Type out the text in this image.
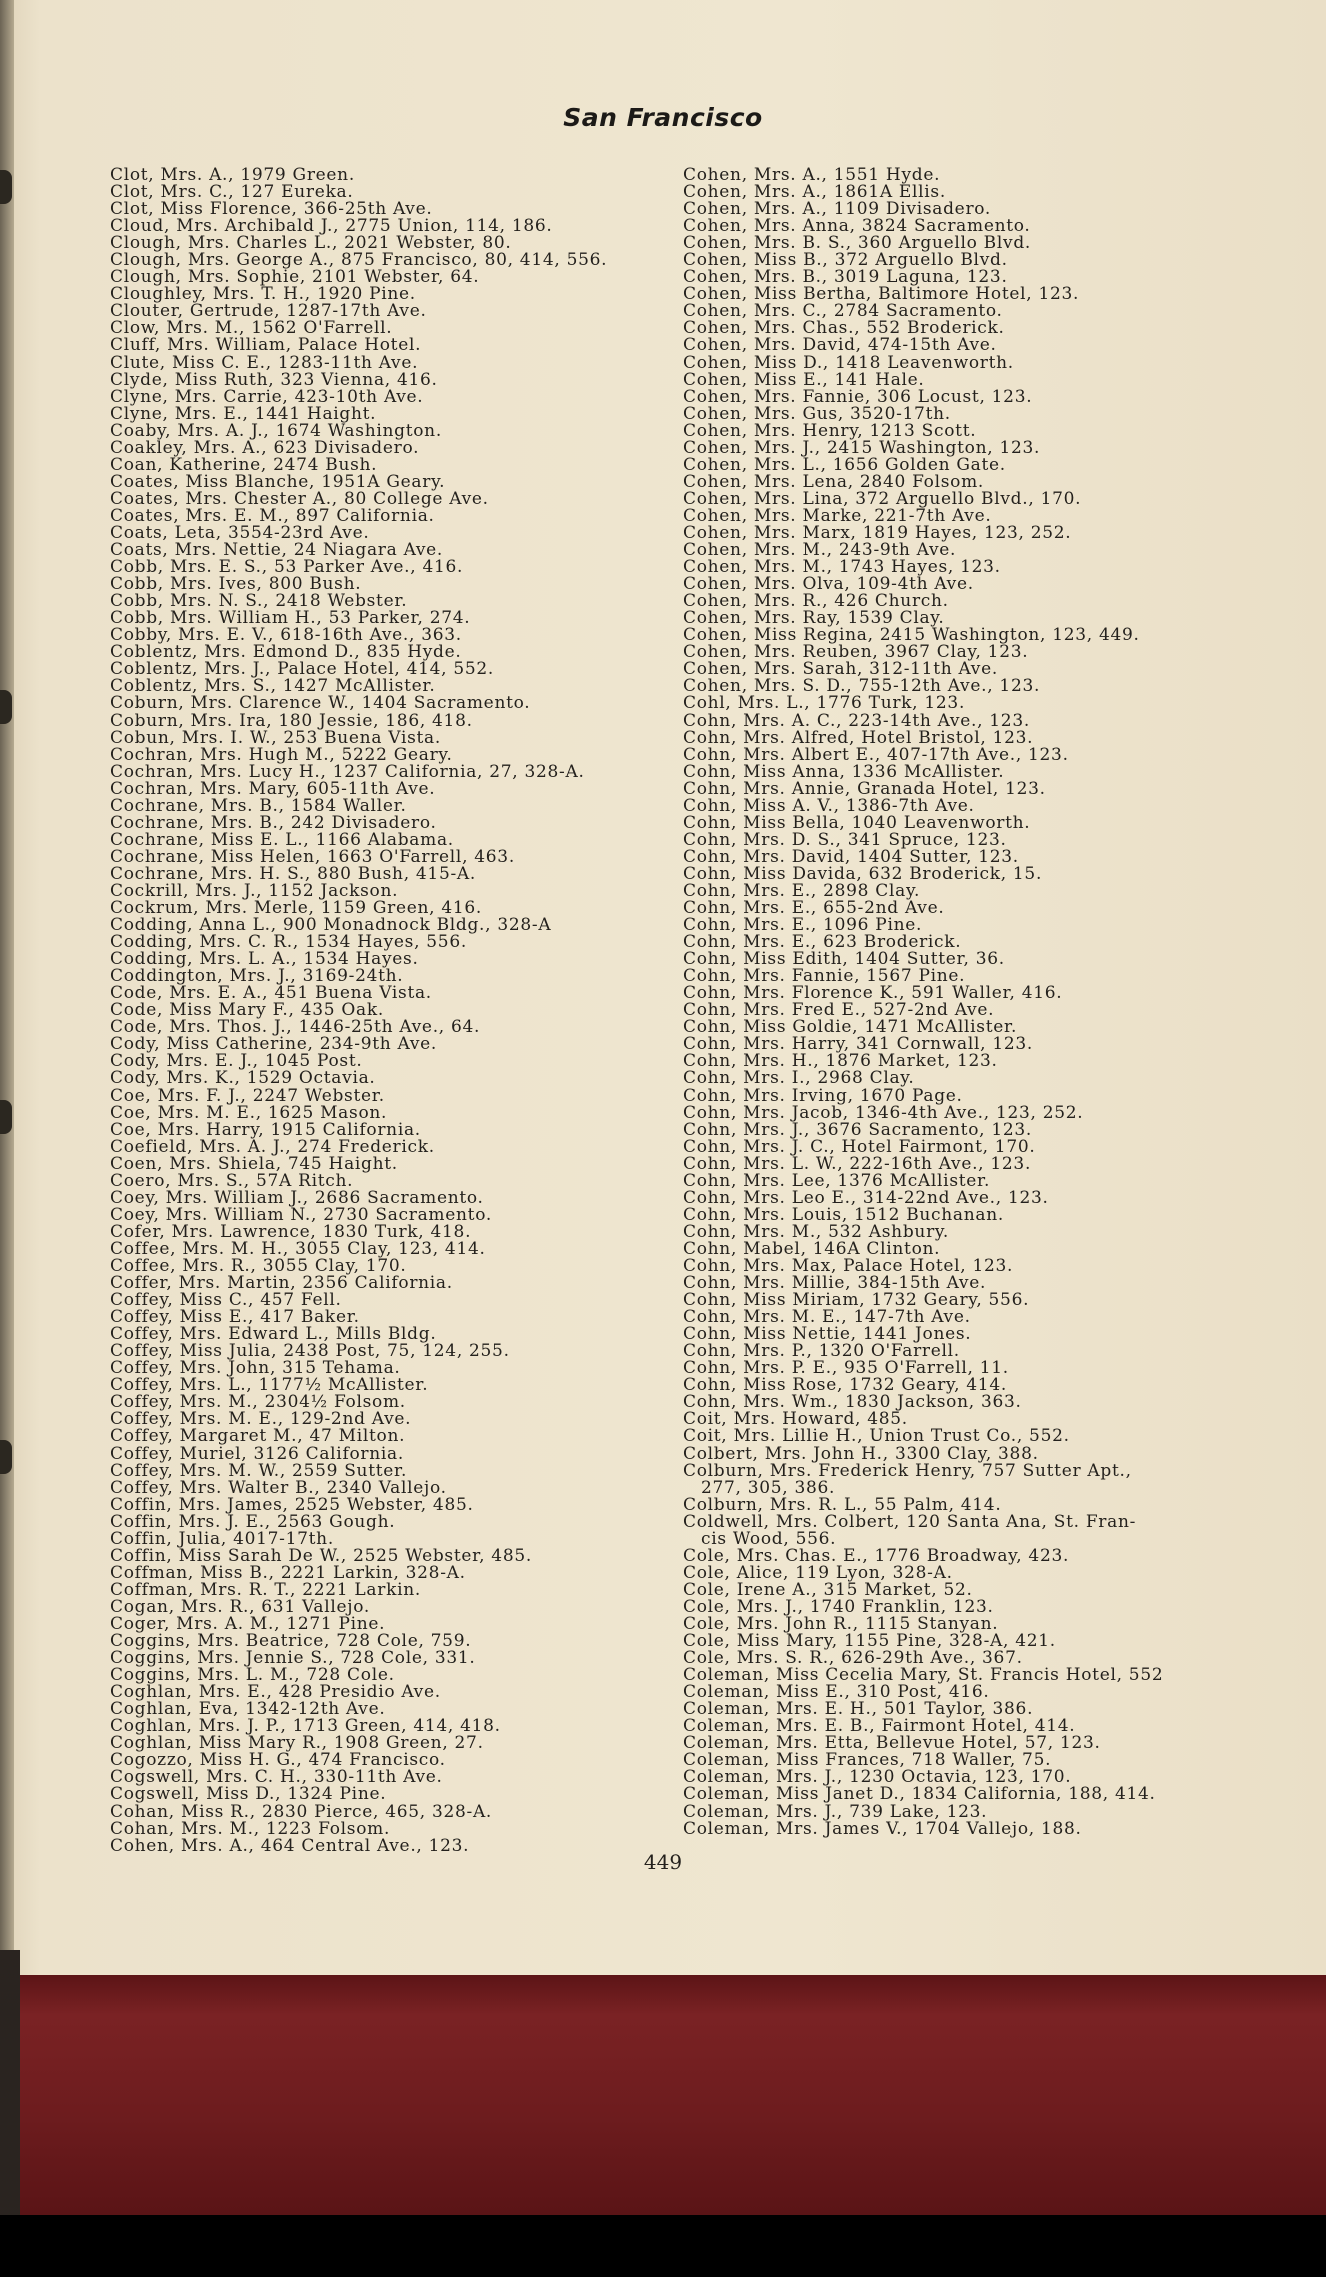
San Francisco
Clot, Mrs. A., 1979 Green.
Clot, Mrs. C., 127 Eureka.
Clot, Miss Florence, 366-25th Ave.
Cloud, Mrs. Archibald J., 2775 Union, 114, 186.
Clough, Mrs. Charles L., 2021 Webster, 80.
Clough, Mrs. George A., 875 Francisco, 80, 414, 556.
Clough, Mrs. Sophie, 2101 Webster, 64.
Cloughley, Mrs. T. H., 1920 Pine.
Clouter, Gertrude, 1287-17th Ave.
Clow, Mrs. M., 1562 O'Farrell.
Cluff, Mrs. William, Palace Hotel.
Clute, Miss C. E., 1283-11th Ave.
Clyde, Miss Ruth, 323 Vienna, 416.
Clyne, Mrs. Carrie, 423-10th Ave.
Clyne, Mrs. E., 1441 Haight.
Coaby, Mrs. A. J., 1674 Washington.
Coakley, Mrs. A., 623 Divisadero.
Coan, Katherine, 2474 Bush.
Coates, Miss Blanche, 1951A Geary.
Coates, Mrs. Chester A., 80 College Ave.
Coates, Mrs. E. M., 897 California.
Coats, Leta, 3554-23rd Ave.
Coats, Mrs. Nettie, 24 Niagara Ave.
Cobb, Mrs. E. S., 53 Parker Ave., 416.
Cobb, Mrs. Ives, 800 Bush.
Cobb, Mrs. N. S., 2418 Webster.
Cobb, Mrs. William H., 53 Parker, 274.
Cobby, Mrs. E. V., 618-16th Ave., 363.
Coblentz, Mrs. Edmond D., 835 Hyde.
Coblentz, Mrs. J., Palace Hotel, 414, 552.
Coblentz, Mrs. S., 1427 McAllister.
Coburn, Mrs. Clarence W., 1404 Sacramento.
Coburn, Mrs. Ira, 180 Jessie, 186, 418.
Cobun, Mrs. I. W., 253 Buena Vista.
Cochran, Mrs. Hugh M., 5222 Geary.
Cochran, Mrs. Lucy H., 1237 California, 27, 328-A.
Cochran, Mrs. Mary, 605-11th Ave.
Cochrane, Mrs. B., 1584 Waller.
Cochrane, Mrs. B., 242 Divisadero.
Cochrane, Miss E. L., 1166 Alabama.
Cochrane, Miss Helen, 1663 O'Farrell, 463.
Cochrane, Mrs. H. S., 880 Bush, 415-A.
Cockrill, Mrs. J., 1152 Jackson.
Cockrum, Mrs. Merle, 1159 Green, 416.
Codding, Anna L., 900 Monadnock Bldg., 328-A
Codding, Mrs. C. R., 1534 Hayes, 556.
Codding, Mrs. L. A., 1534 Hayes.
Coddington, Mrs. J., 3169-24th.
Code, Mrs. E. A., 451 Buena Vista.
Code, Miss Mary F., 435 Oak.
Code, Mrs. Thos. J., 1446-25th Ave., 64.
Cody, Miss Catherine, 234-9th Ave.
Cody, Mrs. E. J., 1045 Post.
Cody, Mrs. K., 1529 Octavia.
Coe, Mrs. F. J., 2247 Webster.
Coe, Mrs. M. E., 1625 Mason.
Coe, Mrs. Harry, 1915 California.
Coefield, Mrs. A. J., 274 Frederick.
Coen, Mrs. Shiela, 745 Haight.
Coero, Mrs. S., 57A Ritch.
Coey, Mrs. William J., 2686 Sacramento.
Coey, Mrs. William N., 2730 Sacramento.
Cofer, Mrs. Lawrence, 1830 Turk, 418.
Coffee, Mrs. M. H., 3055 Clay, 123, 414.
Coffee, Mrs. R., 3055 Clay, 170.
Coffer, Mrs. Martin, 2356 California.
Coffey, Miss C., 457 Fell.
Coffey, Miss E., 417 Baker.
Coffey, Mrs. Edward L., Mills Bldg.
Coffey, Miss Julia, 2438 Post, 75, 124, 255.
Coffey, Mrs. John, 315 Tehama.
Coffey, Mrs. L., 1177½ McAllister.
Coffey, Mrs. M., 2304½ Folsom.
Coffey, Mrs. M. E., 129-2nd Ave.
Coffey, Margaret M., 47 Milton.
Coffey, Muriel, 3126 California.
Coffey, Mrs. M. W., 2559 Sutter.
Coffey, Mrs. Walter B., 2340 Vallejo.
Coffin, Mrs. James, 2525 Webster, 485.
Coffin, Mrs. J. E., 2563 Gough.
Coffin, Julia, 4017-17th.
Coffin, Miss Sarah De W., 2525 Webster, 485.
Coffman, Miss B., 2221 Larkin, 328-A.
Coffman, Mrs. R. T., 2221 Larkin.
Cogan, Mrs. R., 631 Vallejo.
Coger, Mrs. A. M., 1271 Pine.
Coggins, Mrs. Beatrice, 728 Cole, 759.
Coggins, Mrs. Jennie S., 728 Cole, 331.
Coggins, Mrs. L. M., 728 Cole.
Coghlan, Mrs. E., 428 Presidio Ave.
Coghlan, Eva, 1342-12th Ave.
Coghlan, Mrs. J. P., 1713 Green, 414, 418.
Coghlan, Miss Mary R., 1908 Green, 27.
Cogozzo, Miss H. G., 474 Francisco.
Cogswell, Mrs. C. H., 330-11th Ave.
Cogswell, Miss D., 1324 Pine.
Cohan, Miss R., 2830 Pierce, 465, 328-A.
Cohan, Mrs. M., 1223 Folsom.
Cohen, Mrs. A., 464 Central Ave., 123.
Cohen, Mrs. A., 1551 Hyde.
Cohen, Mrs. A., 1861A Ellis.
Cohen, Mrs. A., 1109 Divisadero.
Cohen, Mrs. Anna, 3824 Sacramento.
Cohen, Mrs. B. S., 360 Arguello Blvd.
Cohen, Miss B., 372 Arguello Blvd.
Cohen, Mrs. B., 3019 Laguna, 123.
Cohen, Miss Bertha, Baltimore Hotel, 123.
Cohen, Mrs. C., 2784 Sacramento.
Cohen, Mrs. Chas., 552 Broderick.
Cohen, Mrs. David, 474-15th Ave.
Cohen, Miss D., 1418 Leavenworth.
Cohen, Miss E., 141 Hale.
Cohen, Mrs. Fannie, 306 Locust, 123.
Cohen, Mrs. Gus, 3520-17th.
Cohen, Mrs. Henry, 1213 Scott.
Cohen, Mrs. J., 2415 Washington, 123.
Cohen, Mrs. L., 1656 Golden Gate.
Cohen, Mrs. Lena, 2840 Folsom.
Cohen, Mrs. Lina, 372 Arguello Blvd., 170.
Cohen, Mrs. Marke, 221-7th Ave.
Cohen, Mrs. Marx, 1819 Hayes, 123, 252.
Cohen, Mrs. M., 243-9th Ave.
Cohen, Mrs. M., 1743 Hayes, 123.
Cohen, Mrs. Olva, 109-4th Ave.
Cohen, Mrs. R., 426 Church.
Cohen, Mrs. Ray, 1539 Clay.
Cohen, Miss Regina, 2415 Washington, 123, 449.
Cohen, Mrs. Reuben, 3967 Clay, 123.
Cohen, Mrs. Sarah, 312-11th Ave.
Cohen, Mrs. S. D., 755-12th Ave., 123.
Cohl, Mrs. L., 1776 Turk, 123.
Cohn, Mrs. A. C., 223-14th Ave., 123.
Cohn, Mrs. Alfred, Hotel Bristol, 123.
Cohn, Mrs. Albert E., 407-17th Ave., 123.
Cohn, Miss Anna, 1336 McAllister.
Cohn, Mrs. Annie, Granada Hotel, 123.
Cohn, Miss A. V., 1386-7th Ave.
Cohn, Miss Bella, 1040 Leavenworth.
Cohn, Mrs. D. S., 341 Spruce, 123.
Cohn, Mrs. David, 1404 Sutter, 123.
Cohn, Miss Davida, 632 Broderick, 15.
Cohn, Mrs. E., 2898 Clay.
Cohn, Mrs. E., 655-2nd Ave.
Cohn, Mrs. E., 1096 Pine.
Cohn, Mrs. E., 623 Broderick.
Cohn, Miss Edith, 1404 Sutter, 36.
Cohn, Mrs. Fannie, 1567 Pine.
Cohn, Mrs. Florence K., 591 Waller, 416.
Cohn, Mrs. Fred E., 527-2nd Ave.
Cohn, Miss Goldie, 1471 McAllister.
Cohn, Mrs. Harry, 341 Cornwall, 123.
Cohn, Mrs. H., 1876 Market, 123.
Cohn, Mrs. I., 2968 Clay.
Cohn, Mrs. Irving, 1670 Page.
Cohn, Mrs. Jacob, 1346-4th Ave., 123, 252.
Cohn, Mrs. J., 3676 Sacramento, 123.
Cohn, Mrs. J. C., Hotel Fairmont, 170.
Cohn, Mrs. L. W., 222-16th Ave., 123.
Cohn, Mrs. Lee, 1376 McAllister.
Cohn, Mrs. Leo E., 314-22nd Ave., 123.
Cohn, Mrs. Louis, 1512 Buchanan.
Cohn, Mrs. M., 532 Ashbury.
Cohn, Mabel, 146A Clinton.
Cohn, Mrs. Max, Palace Hotel, 123.
Cohn, Mrs. Millie, 384-15th Ave.
Cohn, Miss Miriam, 1732 Geary, 556.
Cohn, Mrs. M. E., 147-7th Ave.
Cohn, Miss Nettie, 1441 Jones.
Cohn, Mrs. P., 1320 O'Farrell.
Cohn, Mrs. P. E., 935 O'Farrell, 11.
Cohn, Miss Rose, 1732 Geary, 414.
Cohn, Mrs. Wm., 1830 Jackson, 363.
Coit, Mrs. Howard, 485.
Coit, Mrs. Lillie H., Union Trust Co., 552.
Colbert, Mrs. John H., 3300 Clay, 388.
Colburn, Mrs. Frederick Henry, 757 Sutter Apt.,
277, 305, 386.
Colburn, Mrs. R. L., 55 Palm, 414.
Coldwell, Mrs. Colbert, 120 Santa Ana, St. Fran-
cis Wood, 556.
Cole, Mrs. Chas. E., 1776 Broadway, 423.
Cole, Alice, 119 Lyon, 328-A.
Cole, Irene A., 315 Market, 52.
Cole, Mrs. J., 1740 Franklin, 123.
Cole, Mrs. John R., 1115 Stanyan.
Cole, Miss Mary, 1155 Pine, 328-A, 421.
Cole, Mrs. S. R., 626-29th Ave., 367.
Coleman, Miss Cecelia Mary, St. Francis Hotel, 552
Coleman, Miss E., 310 Post, 416.
Coleman, Mrs. E. H., 501 Taylor, 386.
Coleman, Mrs. E. B., Fairmont Hotel, 414.
Coleman, Mrs. Etta, Bellevue Hotel, 57, 123.
Coleman, Miss Frances, 718 Waller, 75.
Coleman, Mrs. J., 1230 Octavia, 123, 170.
Coleman, Miss Janet D., 1834 California, 188, 414.
Coleman, Mrs. J., 739 Lake, 123.
Coleman, Mrs. James V., 1704 Vallejo, 188.
449
